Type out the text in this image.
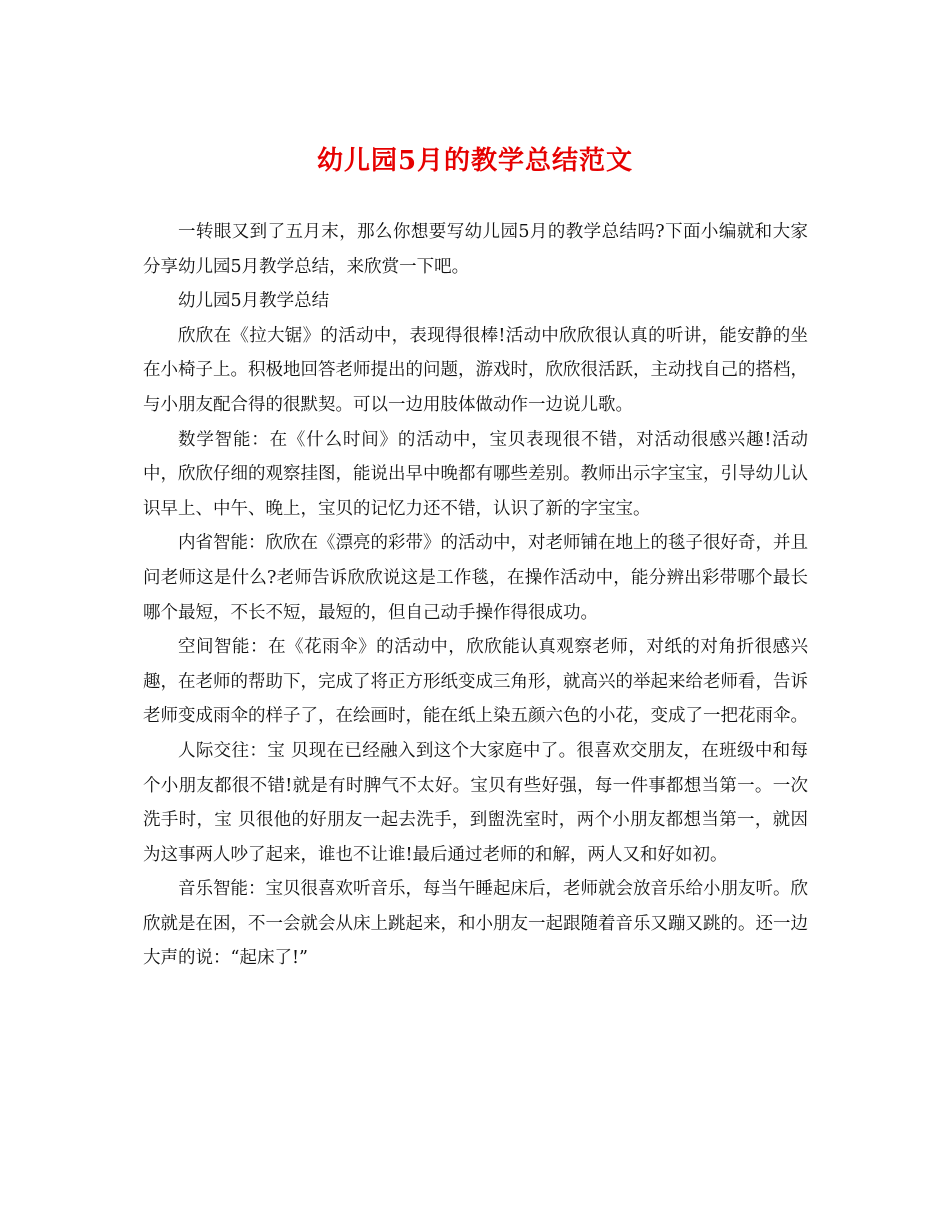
幼儿园5月的教学总结范文

一转眼又到了五月末，那么你想要写幼儿园5月的教学总结吗?下面小编就和大家分享幼儿园5月教学总结，来欣赏一下吧。

幼儿园5月教学总结

欣欣在《拉大锯》的活动中，表现得很棒!活动中欣欣很认真的听讲，能安静的坐在小椅子上。积极地回答老师提出的问题，游戏时，欣欣很活跃，主动找自己的搭档，与小朋友配合得的很默契。可以一边用肢体做动作一边说儿歌。

数学智能：在《什么时间》的活动中，宝贝表现很不错，对活动很感兴趣!活动中，欣欣仔细的观察挂图，能说出早中晚都有哪些差别。教师出示字宝宝，引导幼儿认识早上、中午、晚上，宝贝的记忆力还不错，认识了新的字宝宝。

内省智能：欣欣在《漂亮的彩带》的活动中，对老师铺在地上的毯子很好奇，并且问老师这是什么?老师告诉欣欣说这是工作毯，在操作活动中，能分辨出彩带哪个最长哪个最短，不长不短，最短的，但自己动手操作得很成功。

空间智能：在《花雨伞》的活动中，欣欣能认真观察老师，对纸的对角折很感兴趣，在老师的帮助下，完成了将正方形纸变成三角形，就高兴的举起来给老师看，告诉老师变成雨伞的样子了，在绘画时，能在纸上染五颜六色的小花，变成了一把花雨伞。

人际交往：宝 贝现在已经融入到这个大家庭中了。很喜欢交朋友，在班级中和每个小朋友都很不错!就是有时脾气不太好。宝贝有些好强，每一件事都想当第一。一次洗手时，宝 贝很他的好朋友一起去洗手，到盥洗室时，两个小朋友都想当第一，就因为这事两人吵了起来，谁也不让谁!最后通过老师的和解，两人又和好如初。

音乐智能：宝贝很喜欢听音乐，每当午睡起床后，老师就会放音乐给小朋友听。欣欣就是在困，不一会就会从床上跳起来，和小朋友一起跟随着音乐又蹦又跳的。还一边大声的说：“起床了!”
